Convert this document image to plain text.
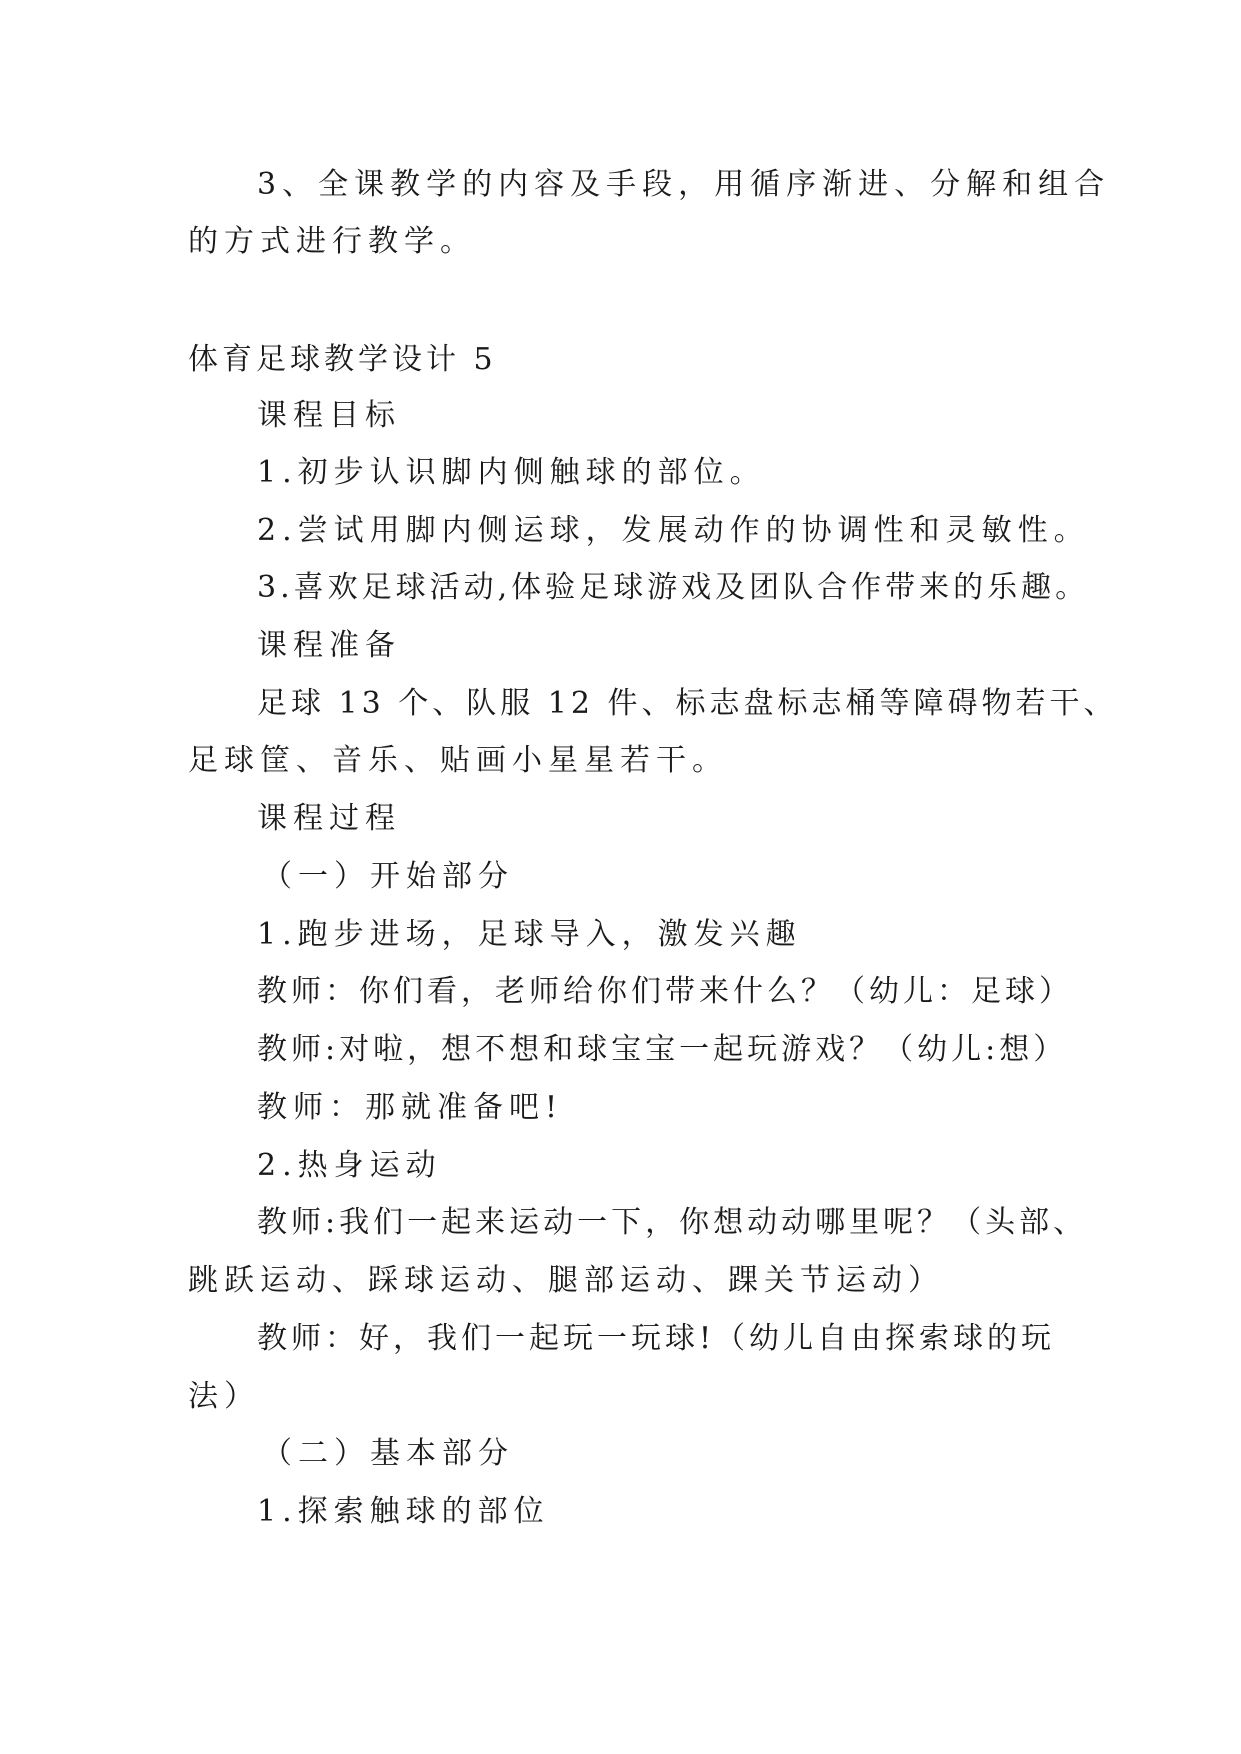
3、全课教学的内容及手段，用循序渐进、分解和组合
的方式进行教学。
体育足球教学设计 5
课程目标
1.初步认识脚内侧触球的部位。
2.尝试用脚内侧运球，发展动作的协调性和灵敏性。
3.喜欢足球活动,体验足球游戏及团队合作带来的乐趣。
课程准备
足球 13 个、队服 12 件、标志盘标志桶等障碍物若干、
足球筐、音乐、贴画小星星若干。
课程过程
（一）开始部分
1.跑步进场，足球导入，激发兴趣
教师：你们看，老师给你们带来什么？（幼儿：足球）
教师:对啦，想不想和球宝宝一起玩游戏？（幼儿:想）
教师：那就准备吧!
2.热身运动
教师:我们一起来运动一下，你想动动哪里呢？（头部、
跳跃运动、踩球运动、腿部运动、踝关节运动）
教师：好，我们一起玩一玩球!（幼儿自由探索球的玩
法）
（二）基本部分
1.探索触球的部位
